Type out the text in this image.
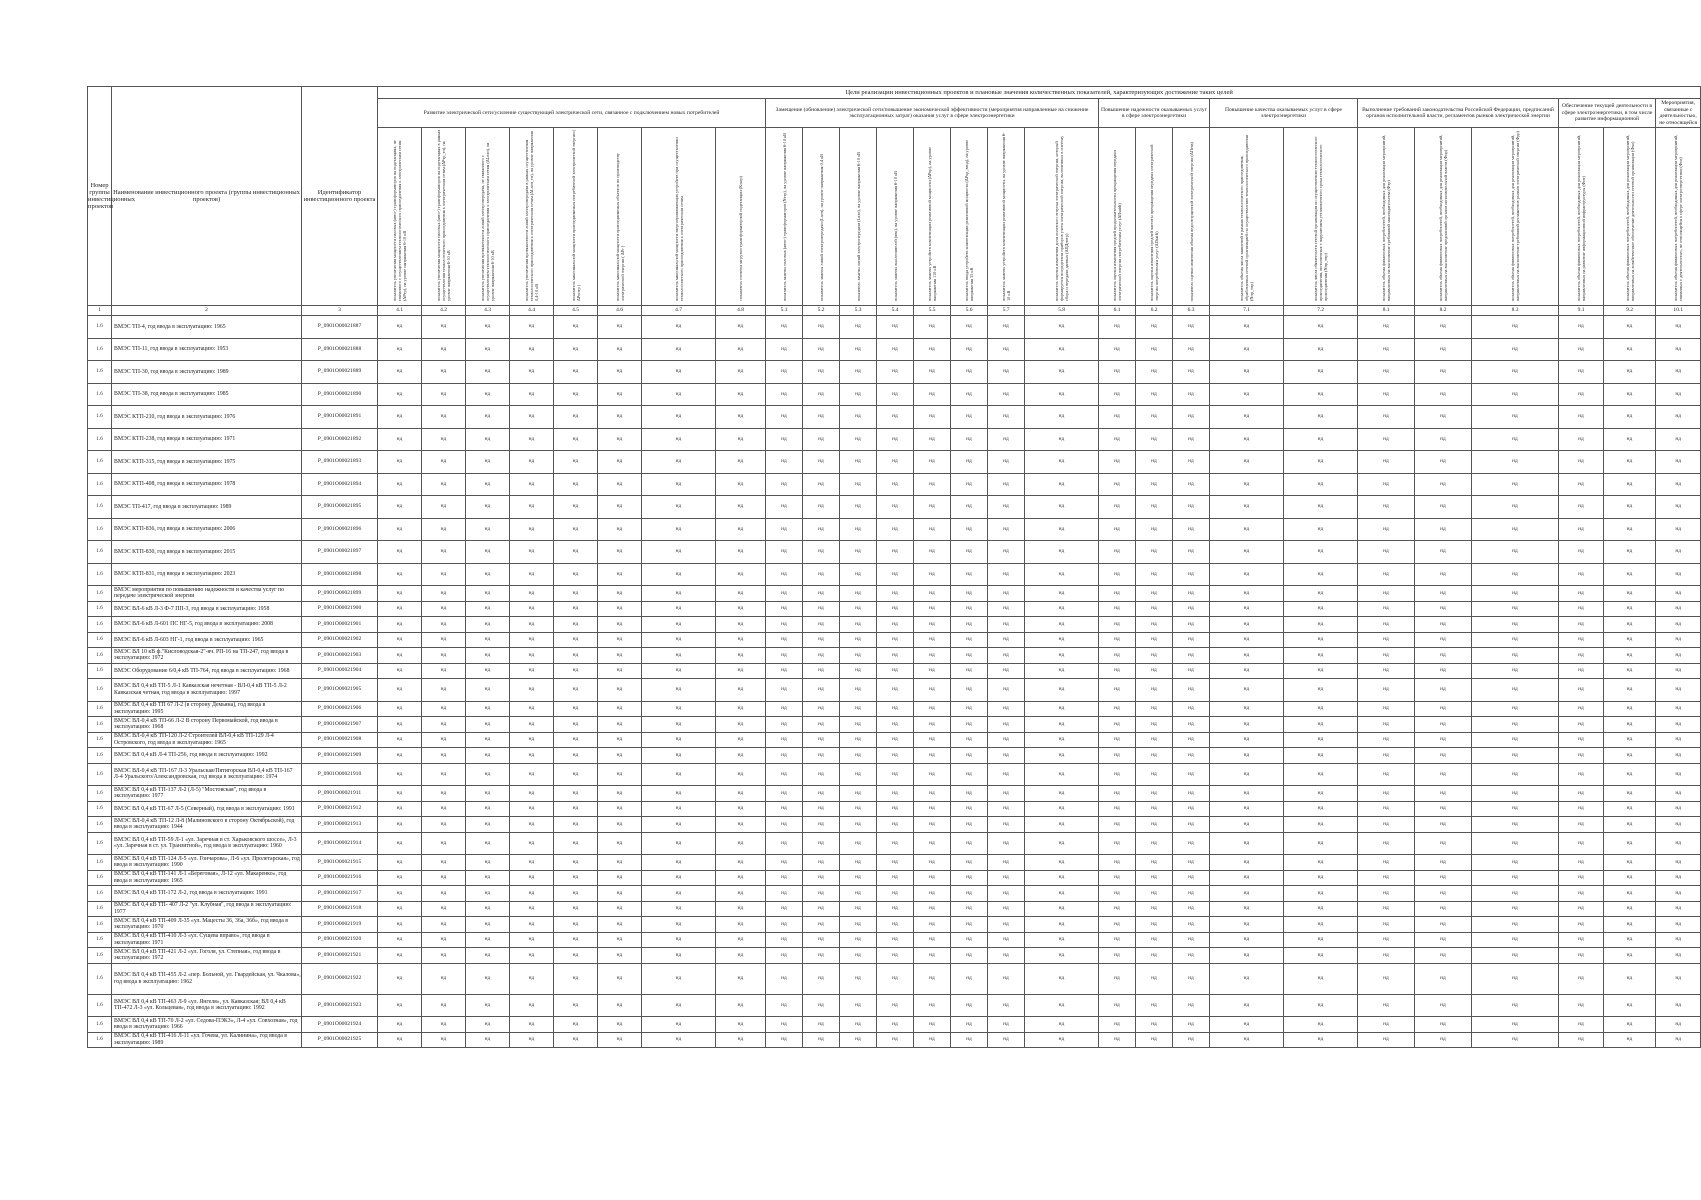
Номер группы инвестиционных проектов	Наименование инвестиционного проекта (группы инвестиционных проектов)	Идентификатор инвестиционного проекта	Цели реализации инвестиционных проектов и плановые значения количественных показателей, характеризующих достижение таких целей																										
			Развитие электрической сети/усиление существующей электрической сети, связанное с подключением новых потребителей								Замещение (обновление) электрической сети/повышение экономической эффективности (мероприятия направленные на снижение эксплуатационных затрат) оказания услуг в сфере электроэнергетики								Повышение надежности оказываемых услуг в сфере электроэнергетики			Повышение качества оказываемых услуг в сфере электроэнергетики		Выполнение требований законодательства Российской Федерации, предписаний органов исполнительной власти, регламентов рынков электрической энергии			Обеспечение текущей деятельности в сфере электроэнергетики, в том числе развитие информационной		Мероприятия, связанные с деятельностью, не относящейся
			показатель увеличения мощности силовых (авто-) трансформаторов на подстанциях, не связанного с осуществлением технологического присоединения к электрическим сетям (ΔPтр), на уровне напряжения 6-10 кВ	показатель увеличения мощности силовых (авто-) трансформаторов на подстанциях в рамках осуществления технологического присоединения к электрическим сетям (ΔPтр_тп), на уровне напряжения 6-10 кВ	показатель увеличения протяженности линий электропередачи, не связанного с осуществлением технологического присоединения к электрическим сетям (ΔLnэп), на уровне напряжения 6-10 кВ	показатель увеличения протяженности линий электропередачи в рамках осуществления технологического присоединения к электрическим сетям (ΔLnэп_тп), на уровне напряжения 0,4-10 кВ	показатель максимальной мощности присоединяемых потребителей электрической энергии ( ΔPпотр )	показатель максимальной мощности присоединяемых объектов по производству электрической энергии ( ΔPг )	показатель максимальной мощности энергопринимающих устройств при осуществлении технологического присоединения к электрическим сетям	показатель степени загрузки трансформаторной подстанции (Кзагр)	показатель замены силовых (авто-) трансформаторов (Nзтр), на уровне напряжения 6-10 кВ	показатель замены линий электропередачи (Lnэп), на уровне напряжения 0,4 кВ	показатель замены линий электропередачи (Lnэп), на уровне напряжения 6-10 кВ	показатель замены выключателей (nвк), на уровне напряжения 6-10 кВ	показатель замены устройств компенсации реактивной мощности (ΔPкр), на уровне напряжения 110 кВ	показатель ввода устройств компенсации реактивной мощности (ΔPкр_ввод), на уровне напряжения 35 кВ	показатель замены устройств компенсации реактивной мощности, на уровне напряжения 6-10 кВ	показатель оценки изменения доли полезного отпуска электрической энергии, который формируется посредством приборов учета электрической энергии, включенных в систему сбора и передачи данных (ΔПДнотр)	показатель оценки изменения средней продолжительности прекращения передачи электрической энергии потребителям услуг (ΔПsaidi)	показатель оценки изменения средней частоты прекращения передачи электрической энергии потребителям услуг (ΔПsaifi)	показатель оценки изменения объема недоотпущенной электрической энергии (ΔПens)	показатель объема числа заявлений в рамках технологического присоединения, обработанных сетевой организацией по осуществлению технологического присоединения (Nпр_тпр)	показатель числа обязательств сетевой организации по осуществлению технологического присоединения, исполненных с нарушением установленного срока технологического присоединения (Nпр_тпр)	показатель объема финансовых потребностей, необходимых для реализации мероприятий, направленных на выполнение требований законодательства (Фтр)	показатель объема финансовых потребностей, необходимых для реализации мероприятий, направленных на выполнение предписаний органов исполнительной власти (Фпр)	показатель объема финансовых потребностей, необходимых для реализации мероприятий, направленных на выполнение требований регламентов рынков электрической энергии (Фрр)	показатель объема финансовых потребностей, необходимых для реализации мероприятий, направленных на развитие информационной инфраструктуры (Фит)	показатель объема финансовых потребностей, необходимых для реализации мероприятий, направленных на хозяйственное обеспечение деятельности сетевой организации (Фхо)	показатель объема финансовых потребностей, необходимых для реализации мероприятий, связанных с деятельностью, не относящейся к сфере электроэнергетики (Фнэ)
1	2	3	4.1	4.2	4.3	4.4	4.5	4.6	4.7	4.8	5.1	5.2	5.3	5.4	5.5	5.6	5.7	5.8	6.1	6.2	6.3	7.1	7.2	8.1	8.2	8.3	9.1	9.2	10.1
1.6	ВМЭС ТП-4, год ввода в эксплуатацию: 1965	P_0901O00021887	нд	нд	нд	нд	нд	нд	нд	нд	нд	нд	нд	нд	нд	нд	нд	нд	нд	нд	нд	нд	нд	нд	нд	нд	нд	нд	нд
1.6	ВМЭС ТП-11, год ввода в эксплуатацию: 1953	P_0901O00021888	нд	нд	нд	нд	нд	нд	нд	нд	нд	нд	нд	нд	нд	нд	нд	нд	нд	нд	нд	нд	нд	нд	нд	нд	нд	нд	нд
1.6	ВМЭС ТП-30, год ввода в эксплуатацию: 1989	P_0901O00021889	нд	нд	нд	нд	нд	нд	нд	нд	нд	нд	нд	нд	нд	нд	нд	нд	нд	нд	нд	нд	нд	нд	нд	нд	нд	нд	нд
1.6	ВМЭС ТП-38, год ввода в эксплуатацию: 1985	P_0901O00021890	нд	нд	нд	нд	нд	нд	нд	нд	нд	нд	нд	нд	нд	нд	нд	нд	нд	нд	нд	нд	нд	нд	нд	нд	нд	нд	нд
1.6	ВМЭС КТП-210, год ввода в эксплуатацию: 1976	P_0901O00021891	нд	нд	нд	нд	нд	нд	нд	нд	нд	нд	нд	нд	нд	нд	нд	нд	нд	нд	нд	нд	нд	нд	нд	нд	нд	нд	нд
1.6	ВМЭС КТП-238, год ввода в эксплуатацию: 1971	P_0901O00021892	нд	нд	нд	нд	нд	нд	нд	нд	нд	нд	нд	нд	нд	нд	нд	нд	нд	нд	нд	нд	нд	нд	нд	нд	нд	нд	нд
1.6	ВМЭС КТП-315, год ввода в эксплуатацию: 1975	P_0901O00021893	нд	нд	нд	нд	нд	нд	нд	нд	нд	нд	нд	нд	нд	нд	нд	нд	нд	нд	нд	нд	нд	нд	нд	нд	нд	нд	нд
1.6	ВМЭС КТП-408, год ввода в эксплуатацию: 1978	P_0901O00021894	нд	нд	нд	нд	нд	нд	нд	нд	нд	нд	нд	нд	нд	нд	нд	нд	нд	нд	нд	нд	нд	нд	нд	нд	нд	нд	нд
1.6	ВМЭС ТП-417, год ввода в эксплуатацию: 1989	P_0901O00021895	нд	нд	нд	нд	нд	нд	нд	нд	нд	нд	нд	нд	нд	нд	нд	нд	нд	нд	нд	нд	нд	нд	нд	нд	нд	нд	нд
1.6	ВМЭС КТП-836, год ввода в эксплуатацию: 2006	P_0901O00021896	нд	нд	нд	нд	нд	нд	нд	нд	нд	нд	нд	нд	нд	нд	нд	нд	нд	нд	нд	нд	нд	нд	нд	нд	нд	нд	нд
1.6	ВМЭС КТП-830, год ввода в эксплуатацию: 2015	P_0901O00021897	нд	нд	нд	нд	нд	нд	нд	нд	нд	нд	нд	нд	нд	нд	нд	нд	нд	нд	нд	нд	нд	нд	нд	нд	нд	нд	нд
1.6	ВМЭС КТП-831, год ввода в эксплуатацию: 2023	P_0901O00021898	нд	нд	нд	нд	нд	нд	нд	нд	нд	нд	нд	нд	нд	нд	нд	нд	нд	нд	нд	нд	нд	нд	нд	нд	нд	нд	нд
1.6	ВМЭС мероприятия по повышению надежности и качества услуг по передаче электрической энергии	P_0901O00021899	нд	нд	нд	нд	нд	нд	нд	нд	нд	нд	нд	нд	нд	нд	нд	нд	нд	нд	нд	нд	нд	нд	нд	нд	нд	нд	нд
1.6	ВМЭС ВЛ-6 кВ Л-3 Ф-7 ПП-3, год ввода в эксплуатацию: 1958	P_0901O00021900	нд	нд	нд	нд	нд	нд	нд	нд	нд	нд	нд	нд	нд	нд	нд	нд	нд	нд	нд	нд	нд	нд	нд	нд	нд	нд	нд
1.6	ВМЭС ВЛ-6 кВ Л-601 ПС НГ-5, год ввода в эксплуатацию: 2008	P_0901O00021901	нд	нд	нд	нд	нд	нд	нд	нд	нд	нд	нд	нд	нд	нд	нд	нд	нд	нд	нд	нд	нд	нд	нд	нд	нд	нд	нд
1.6	ВМЭС ВЛ-6 кВ Л-603 НГ-1, год ввода в эксплуатацию: 1965	P_0901O00021902	нд	нд	нд	нд	нд	нд	нд	нд	нд	нд	нд	нд	нд	нд	нд	нд	нд	нд	нд	нд	нд	нд	нд	нд	нд	нд	нд
1.6	ВМЭС ВЛ 10 кВ ф."Кисловодская-2"-яч. РП-16 на ТП-247, год ввода в эксплуатацию: 1972	P_0901O00021903	нд	нд	нд	нд	нд	нд	нд	нд	нд	нд	нд	нд	нд	нд	нд	нд	нд	нд	нд	нд	нд	нд	нд	нд	нд	нд	нд
1.6	ВМЭС Оборудование 6/0,4 кВ ТП-764, год ввода в эксплуатацию: 1968	P_0901O00021904	нд	нд	нд	нд	нд	нд	нд	нд	нд	нд	нд	нд	нд	нд	нд	нд	нд	нд	нд	нд	нд	нд	нд	нд	нд	нд	нд
1.6	ВМЭС ВЛ 0,4 кВ ТП-5 Л-1 Кавказская нечетная - ВЛ-0,4 кВ ТП-5 Л-2 Кавказская четная, год ввода в эксплуатацию: 1997	P_0901O00021905	нд	нд	нд	нд	нд	нд	нд	нд	нд	нд	нд	нд	нд	нд	нд	нд	нд	нд	нд	нд	нд	нд	нд	нд	нд	нд	нд
1.6	ВМЭС ВЛ 0,4 кВ ТП 67 Л-2 (в сторону Демьяна), год ввода в эксплуатацию: 1995	P_0901O00021906	нд	нд	нд	нд	нд	нд	нд	нд	нд	нд	нд	нд	нд	нд	нд	нд	нд	нд	нд	нд	нд	нд	нд	нд	нд	нд	нд
1.6	ВМЭС ВЛ-0,4 кВ ТП-66 Л-2 В сторону Первомайской, год ввода в эксплуатацию: 1968	P_0901O00021907	нд	нд	нд	нд	нд	нд	нд	нд	нд	нд	нд	нд	нд	нд	нд	нд	нд	нд	нд	нд	нд	нд	нд	нд	нд	нд	нд
1.6	ВМЭС ВЛ-0,4 кВ ТП-120 Л-2 Строителей ВЛ-0,4 кВ ТП-129 Л-4 Островского, год ввода в эксплуатацию: 1965	P_0901O00021908	нд	нд	нд	нд	нд	нд	нд	нд	нд	нд	нд	нд	нд	нд	нд	нд	нд	нд	нд	нд	нд	нд	нд	нд	нд	нд	нд
1.6	ВМЭС ВЛ 0,4 кВ Л-4 ТП-256, год ввода в эксплуатацию: 1992	P_0901O00021909	нд	нд	нд	нд	нд	нд	нд	нд	нд	нд	нд	нд	нд	нд	нд	нд	нд	нд	нд	нд	нд	нд	нд	нд	нд	нд	нд
1.6	ВМЭС ВЛ-0,4 кВ ТП-167 Л-3 Уральская/Пятигорская ВЛ-0,4 кВ ТП-167 Л-4 Уральского/Александровская, год ввода в эксплуатацию: 1974	P_0901O00021910	нд	нд	нд	нд	нд	нд	нд	нд	нд	нд	нд	нд	нд	нд	нд	нд	нд	нд	нд	нд	нд	нд	нд	нд	нд	нд	нд
1.6	ВМЭС ВЛ 0,4 кВ ТП-137 Л-2 (Л-5) "Мостовская", год ввода в эксплуатацию: 1977	P_0901O00021911	нд	нд	нд	нд	нд	нд	нд	нд	нд	нд	нд	нд	нд	нд	нд	нд	нд	нд	нд	нд	нд	нд	нд	нд	нд	нд	нд
1.6	ВМЭС ВЛ 0,4 кВ ТП-67 Л-5 (Северный), год ввода в эксплуатацию: 1991	P_0901O00021912	нд	нд	нд	нд	нд	нд	нд	нд	нд	нд	нд	нд	нд	нд	нд	нд	нд	нд	нд	нд	нд	нд	нд	нд	нд	нд	нд
1.6	ВМЭС ВЛ-0,4 кВ ТП-12 Л-8 (Малиновского в сторону Октябрьской), год ввода в эксплуатацию: 1944	P_0901O00021913	нд	нд	нд	нд	нд	нд	нд	нд	нд	нд	нд	нд	нд	нд	нд	нд	нд	нд	нд	нд	нд	нд	нд	нд	нд	нд	нд
1.6	ВМЭС ВЛ 0,4 кВ ТП-59 Л-1 «ул. Заречная в ст. Харьковского шоссе», Л-3 «ул. Заречная в ст. ул. Транзитной», год ввода в эксплуатацию: 1960	P_0901O00021914	нд	нд	нд	нд	нд	нд	нд	нд	нд	нд	нд	нд	нд	нд	нд	нд	нд	нд	нд	нд	нд	нд	нд	нд	нд	нд	нд
1.6	ВМЭС ВЛ 0,4 кВ ТП-124 Л-5 «ул. Гончарова», Л-6 «ул. Пролетарская», год ввода в эксплуатацию: 1990	P_0901O00021915	нд	нд	нд	нд	нд	нд	нд	нд	нд	нд	нд	нд	нд	нд	нд	нд	нд	нд	нд	нд	нд	нд	нд	нд	нд	нд	нд
1.6	ВМЭС ВЛ 0,4 кВ ТП-141 Л-1 «Береговая», Л-12 «ул. Макаренко», год ввода в эксплуатацию: 1965	P_0901O00021916	нд	нд	нд	нд	нд	нд	нд	нд	нд	нд	нд	нд	нд	нд	нд	нд	нд	нд	нд	нд	нд	нд	нд	нд	нд	нд	нд
1.6	ВМЭС ВЛ 0,4 кВ ТП-172 Л-2, год ввода в эксплуатацию: 1991	P_0901O00021917	нд	нд	нд	нд	нд	нд	нд	нд	нд	нд	нд	нд	нд	нд	нд	нд	нд	нд	нд	нд	нд	нд	нд	нд	нд	нд	нд
1.6	ВМЭС ВЛ 0,4 кВ ТП- 407 Л-2 "ул. Клубная", год ввода в эксплуатацию: 1977	P_0901O00021918	нд	нд	нд	нд	нд	нд	нд	нд	нд	нд	нд	нд	нд	нд	нд	нд	нд	нд	нд	нд	нд	нд	нд	нд	нд	нд	нд
1.6	ВМЭС ВЛ 0,4 кВ ТП-409 Л-35 «ул. Мацесты 36, 36а, 36б», год ввода в эксплуатацию: 1970	P_0901O00021919	нд	нд	нд	нд	нд	нд	нд	нд	нд	нд	нд	нд	нд	нд	нд	нд	нд	нд	нд	нд	нд	нд	нд	нд	нд	нд	нд
1.6	ВМЭС ВЛ 0,4 кВ ТП-410 Л-3 «ул. Сущева вправо», год ввода в эксплуатацию: 1971	P_0901O00021920	нд	нд	нд	нд	нд	нд	нд	нд	нд	нд	нд	нд	нд	нд	нд	нд	нд	нд	нд	нд	нд	нд	нд	нд	нд	нд	нд
1.6	ВМЭС ВЛ 0,4 кВ ТП-421 Л-2 «ул. Гоголя, ул. Степная», год ввода в эксплуатацию: 1972	P_0901O00021921	нд	нд	нд	нд	нд	нд	нд	нд	нд	нд	нд	нд	нд	нд	нд	нд	нд	нд	нд	нд	нд	нд	нд	нд	нд	нд	нд
1.6	ВМЭС ВЛ 0,4 кВ ТП-455 Л-2 «пер. Больной, ул. Гвардейская, ул. Чкалова», год ввода в эксплуатацию: 1962	P_0901O00021922	нд	нд	нд	нд	нд	нд	нд	нд	нд	нд	нд	нд	нд	нд	нд	нд	нд	нд	нд	нд	нд	нд	нд	нд	нд	нд	нд
1.6	ВМЭС ВЛ 0,4 кВ ТП-463 Л-9 «ул. Янгеля», ул. Кавказская; ВЛ 0,4 кВ ТП-472 Л-3 «ул. Кольцевая», год ввода в эксплуатацию: 1992	P_0901O00021923	нд	нд	нд	нд	нд	нд	нд	нд	нд	нд	нд	нд	нд	нд	нд	нд	нд	нд	нд	нд	нд	нд	нд	нд	нд	нд	нд
1.6	ВМЭС ВЛ 0,4 кВ ТП-70 Л-2 «ул. Седова-ПЭКЗ», Л-4 «ул. Совхозная», год ввода в эксплуатацию: 1966	P_0901O00021924	нд	нд	нд	нд	нд	нд	нд	нд	нд	нд	нд	нд	нд	нд	нд	нд	нд	нд	нд	нд	нд	нд	нд	нд	нд	нд	нд
1.6	ВМЭС ВЛ 0,4 кВ ТП-416 Л-11 «ул. Гочева, ул. Калинина», год ввода в эксплуатацию: 1989	P_0901O00021925	нд	нд	нд	нд	нд	нд	нд	нд	нд	нд	нд	нд	нд	нд	нд	нд	нд	нд	нд	нд	нд	нд	нд	нд	нд	нд	нд
